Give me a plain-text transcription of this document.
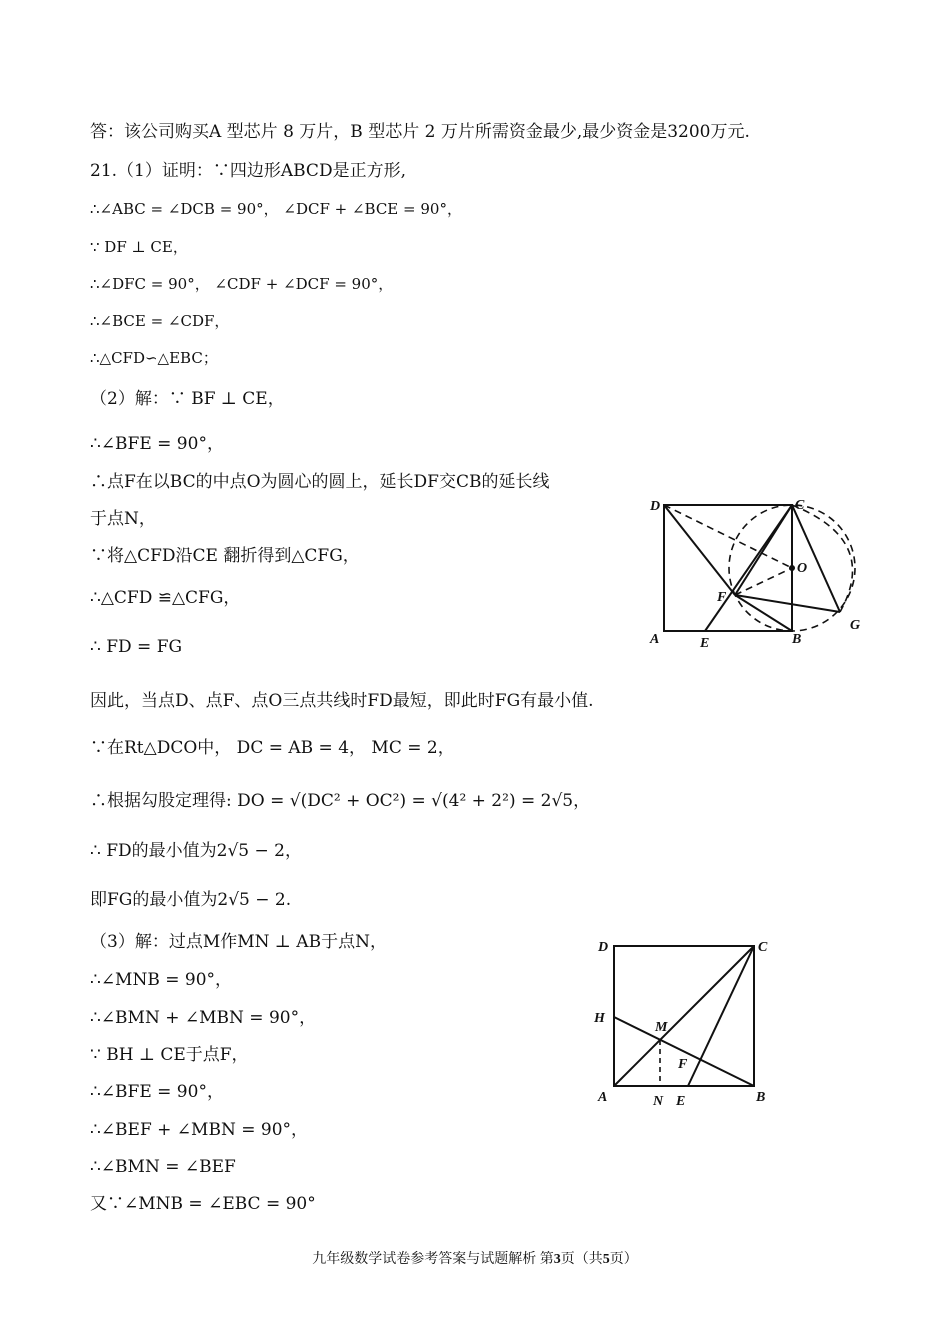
答：该公司购买A 型芯片 8 万片，B 型芯片 2 万片所需资金最少,最少资金是3200万元.
21.（1）证明：∵四边形ABCD是正方形,
∴∠ABC = ∠DCB = 90°， ∠DCF + ∠BCE = 90°，
∵ DF ⊥ CE，
∴∠DFC = 90°， ∠CDF + ∠DCF = 90°，
∴∠BCE = ∠CDF，
∴△CFD∽△EBC；
（2）解：∵ BF ⊥ CE，
∴∠BFE = 90°，
∴点F在以BC的中点O为圆心的圆上，延长DF交CB的延长线
于点N，
∵将△CFD沿CE 翻折得到△CFG，
∴△CFD ≌△CFG，
∴ FD = FG
因此，当点D、点F、点O三点共线时FD最短，即此时FG有最小值.
∵在Rt△DCO中， DC = AB = 4， MC = 2，
∴根据勾股定理得: DO = √(DC² + OC²) = √(4² + 2²) = 2√5，
∴ FD的最小值为2√5 − 2，
即FG的最小值为2√5 − 2.
（3）解：过点M作MN ⊥ AB于点N，
∴∠MNB = 90°，
∴∠BMN + ∠MBN = 90°，
∵ BH ⊥ CE于点F，
∴∠BFE = 90°，
∴∠BEF + ∠MBN = 90°，
∴∠BMN = ∠BEF
又∵∠MNB = ∠EBC = 90°
D	C
O
F
G
A	E	B
D	C
H
M
F
A	N E	B
九年级数学试卷参考答案与试题解析 第3页（共5页）
